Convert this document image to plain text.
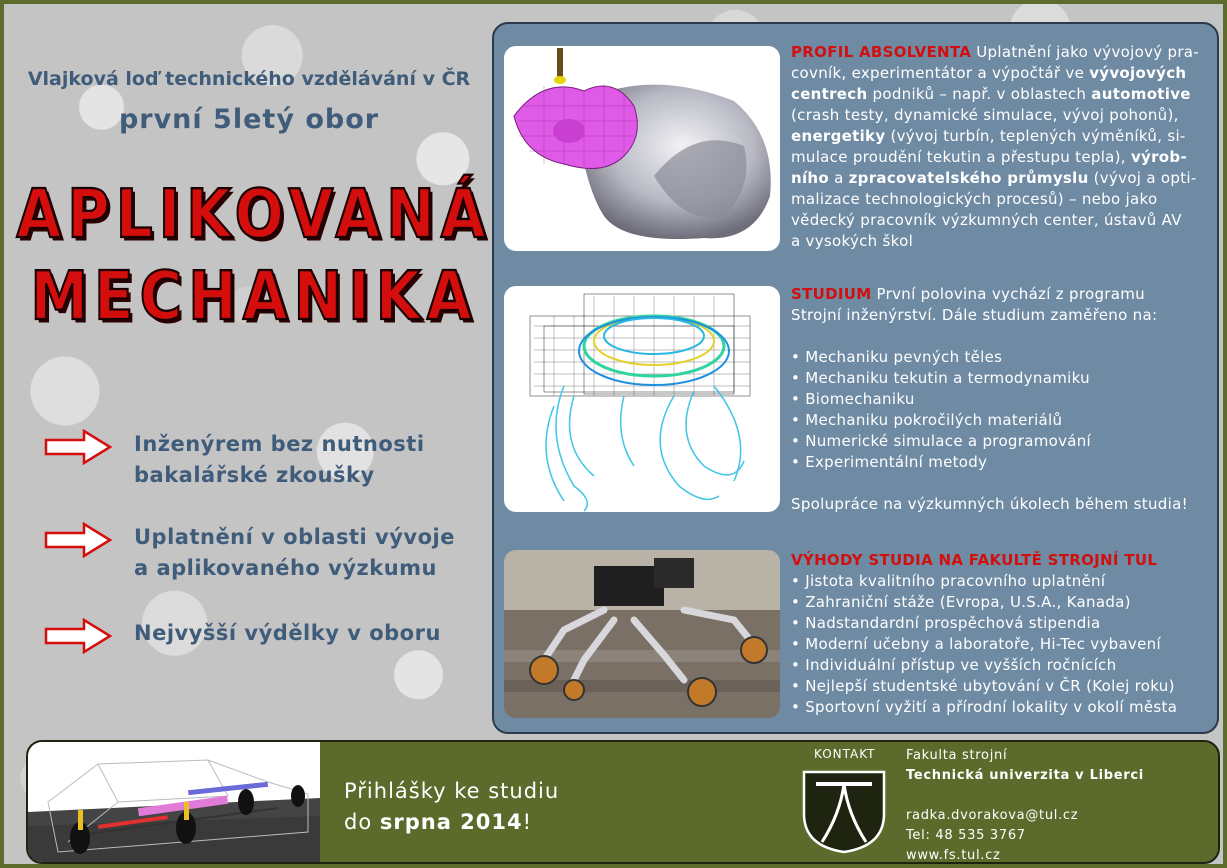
Vlajková loď technického vzdělávání v ČR
první 5letý obor
APLIKOVANÁ
MECHANIKA
Inženýrem bez nutnosti
bakalářské zkoušky
Uplatnění v oblasti vývoje
a aplikovaného výzkumu
Nejvyšší výdělky v oboru
PROFIL ABSOLVENTA Uplatnění jako vývojový pra-
covník, experimentátor a výpočtář ve vývojových
centrech podniků – např. v oblastech automotive
(crash testy, dynamické simulace, vývoj pohonů),
energetiky (vývoj turbín, teplených výměníků, si-
mulace proudění tekutin a přestupu tepla), výrob-
ního a zpracovatelského průmyslu (vývoj a opti-
malizace technologických procesů) – nebo jako
vědecký pracovník výzkumných center, ústavů AV
a vysokých škol
STUDIUM První polovina vychází z programu
Strojní inženýrství. Dále studium zaměřeno na:
• Mechaniku pevných těles
• Mechaniku tekutin a termodynamiku
• Biomechaniku
• Mechaniku pokročilých materiálů
• Numerické simulace a programování
• Experimentální metody
Spolupráce na výzkumných úkolech během studia!
VÝHODY STUDIA NA FAKULTĚ STROJNÍ TUL
• Jistota kvalitního pracovního uplatnění
• Zahraniční stáže (Evropa, U.S.A., Kanada)
• Nadstandardní prospěchová stipendia
• Moderní učebny a laboratoře, Hi-Tec vybavení
• Individuální přístup ve vyšších ročnících
• Nejlepší studentské ubytování v ČR (Kolej roku)
• Sportovní vyžití a přírodní lokality v okolí města
Přihlášky ke studiu
do srpna 2014!
KONTAKT Fakulta strojní
Technická univerzita v Liberci
radka.dvorakova@tul.cz
Tel: 48 535 3767
www.fs.tul.cz
